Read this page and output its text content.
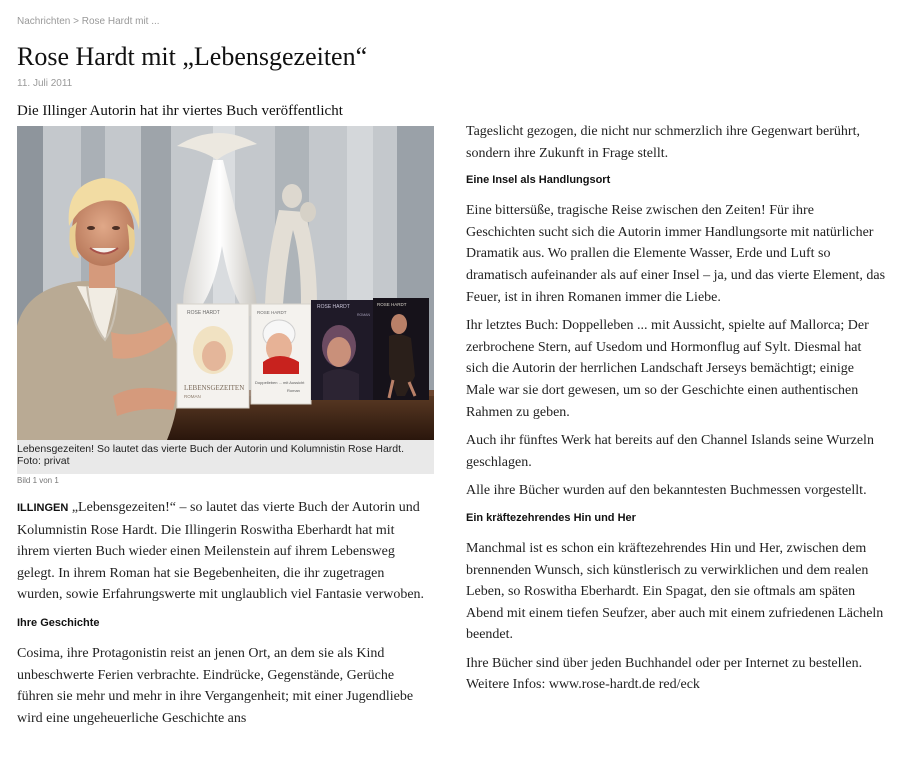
Nachrichten > Rose Hardt mit ...
Rose Hardt mit „Lebensgezeiten“
11. Juli 2011
Die Illinger Autorin hat ihr viertes Buch veröffentlicht
ROSE HARDT
LEBENSGEZEITEN
ROMAN
ROSE HARDT
Doppelleben ... mit Aussicht
Roman
ROSE HARDT
ROMAN
ROSE HARDT

Lebensgezeiten! So lautet das vierte Buch der Autorin und Kolumnistin Rose Hardt.
Foto: privat

Bild 1 von 1

ILLINGEN „Lebensgezeiten!“ – so lautet das vierte Buch der Autorin und Kolumnistin Rose Hardt. Die Illingerin Roswitha Eberhardt hat mit ihrem vierten Buch wieder einen Meilenstein auf ihrem Lebensweg gelegt. In ihrem Roman hat sie Begebenheiten, die ihr zugetragen wurden, sowie Erfahrungswerte mit unglaublich viel Fantasie verwoben.

Ihre Geschichte

Cosima, ihre Protagonistin reist an jenen Ort, an dem sie als Kind unbeschwerte Ferien verbrachte. Eindrücke, Gegenstände, Gerüche führen sie mehr und mehr in ihre Vergangenheit; mit einer Jugendliebe wird eine ungeheuerliche Geschichte ans

Tageslicht gezogen, die nicht nur schmerzlich ihre Gegenwart berührt, sondern ihre Zukunft in Frage stellt.

Eine Insel als Handlungsort

Eine bittersüße, tragische Reise zwischen den Zeiten! Für ihre Geschichten sucht sich die Autorin immer Handlungsorte mit natürlicher Dramatik aus. Wo prallen die Elemente Wasser, Erde und Luft so dramatisch aufeinander als auf einer Insel – ja, und das vierte Element, das Feuer, ist in ihren Romanen immer die Liebe.

Ihr letztes Buch: Doppelleben ... mit Aussicht, spielte auf Mallorca; Der zerbrochene Stern, auf Usedom und Hormonflug auf Sylt. Diesmal hat sich die Autorin der herrlichen Landschaft Jerseys bemächtigt; einige Male war sie dort gewesen, um so der Geschichte einen authentischen Rahmen zu geben.

Auch ihr fünftes Werk hat bereits auf den Channel Islands seine Wurzeln geschlagen.

Alle ihre Bücher wurden auf den bekanntesten Buchmessen vorgestellt.

Ein kräftezehrendes Hin und Her

Manchmal ist es schon ein kräftezehrendes Hin und Her, zwischen dem brennenden Wunsch, sich künstlerisch zu verwirklichen und dem realen Leben, so Roswitha Eberhardt. Ein Spagat, den sie oftmals am späten Abend mit einem tiefen Seufzer, aber auch mit einem zufriedenen Lächeln beendet.

Ihre Bücher sind über jeden Buchhandel oder per Internet zu bestellen. Weitere Infos: www.rose-hardt.de red/eck
